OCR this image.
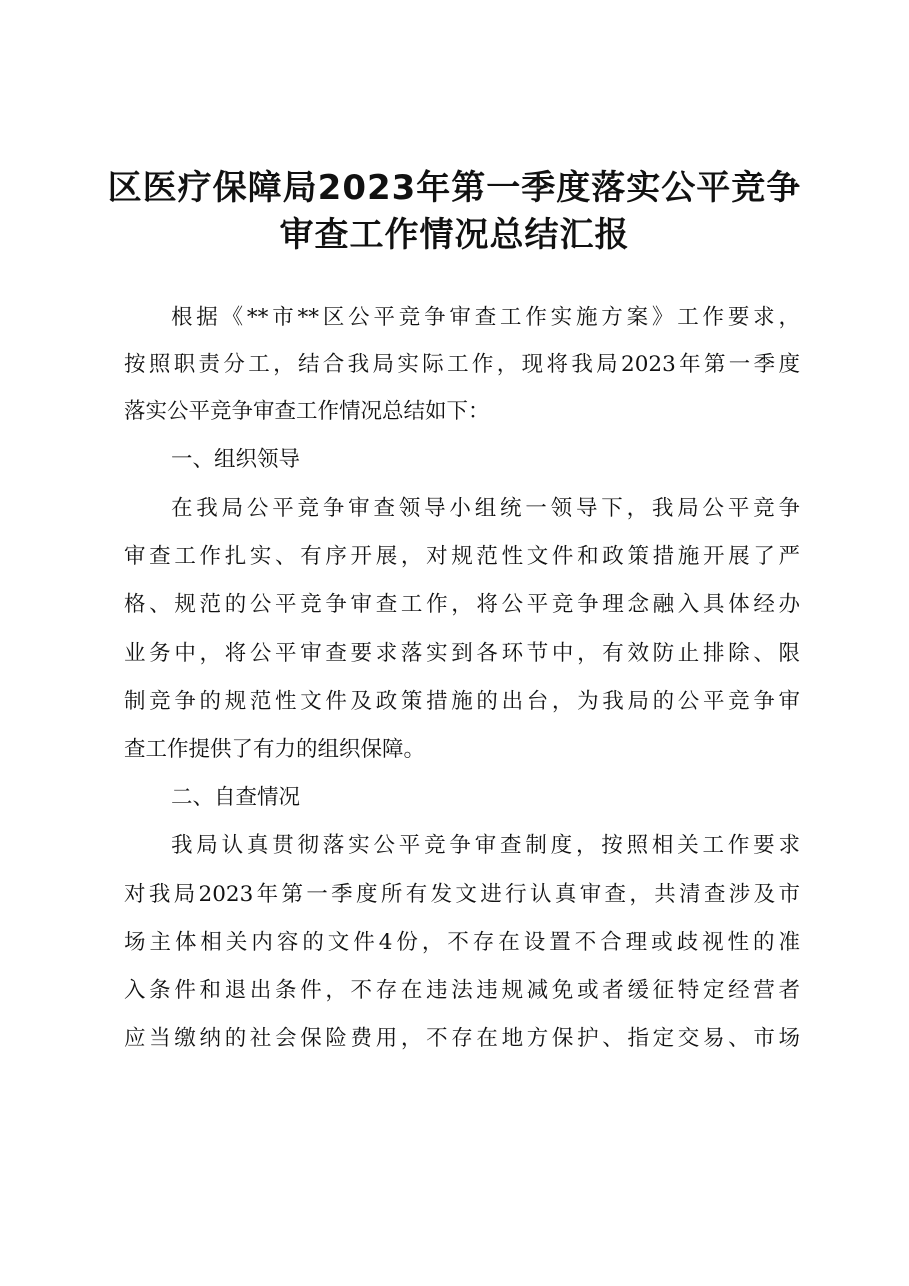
区医疗保障局2023年第一季度落实公平竞争
审查工作情况总结汇报
根据《**市**区公平竞争审查工作实施方案》工作要求，
按照职责分工，结合我局实际工作，现将我局2023年第一季度
落实公平竞争审查工作情况总结如下：
一、组织领导
在我局公平竞争审查领导小组统一领导下，我局公平竞争
审查工作扎实、有序开展，对规范性文件和政策措施开展了严
格、规范的公平竞争审查工作，将公平竞争理念融入具体经办
业务中，将公平审查要求落实到各环节中，有效防止排除、限
制竞争的规范性文件及政策措施的出台，为我局的公平竞争审
查工作提供了有力的组织保障。
二、自查情况
我局认真贯彻落实公平竞争审查制度，按照相关工作要求
对我局2023年第一季度所有发文进行认真审查，共清查涉及市
场主体相关内容的文件4份，不存在设置不合理或歧视性的准
入条件和退出条件，不存在违法违规减免或者缓征特定经营者
应当缴纳的社会保险费用，不存在地方保护、指定交易、市场
